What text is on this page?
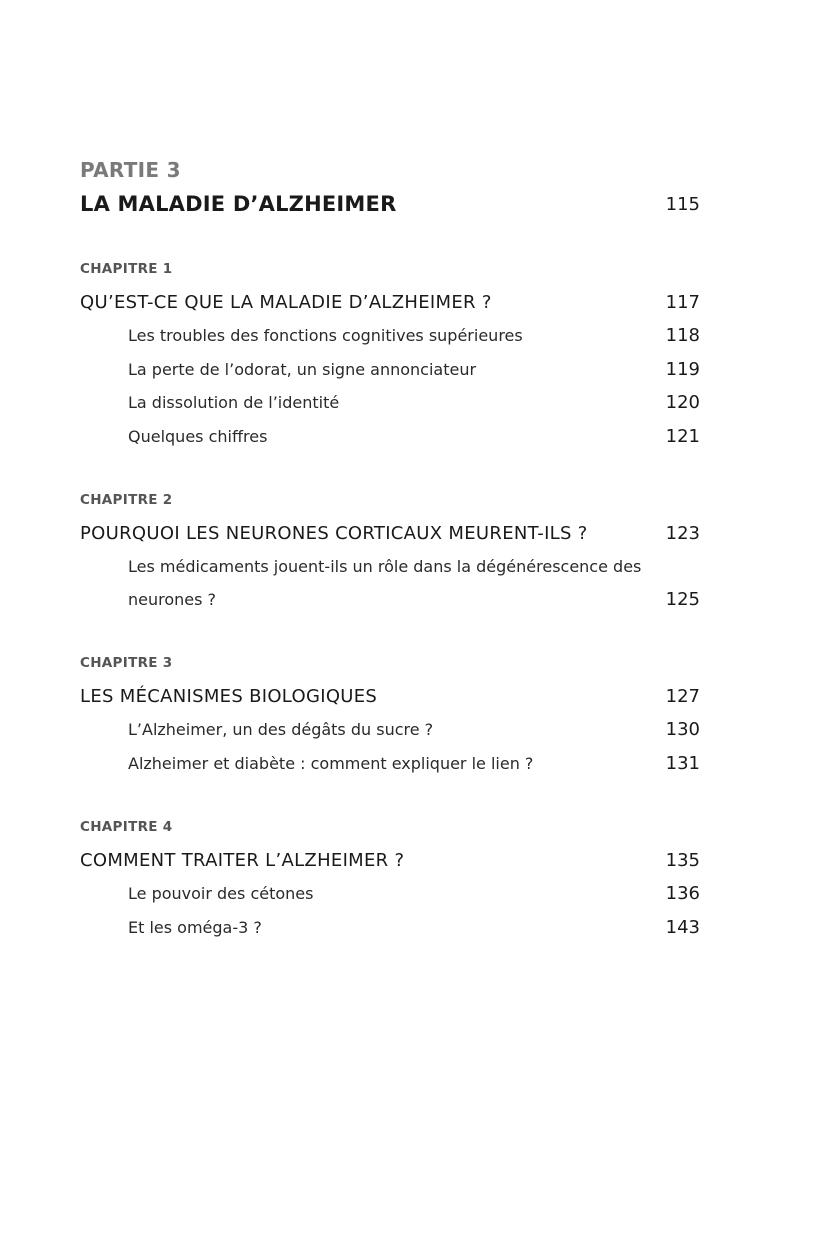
PARTIE 3
LA MALADIE D’ALZHEIMER	115
CHAPITRE 1
QU’EST-CE QUE LA MALADIE D’ALZHEIMER ?	117
Les troubles des fonctions cognitives supérieures	118
La perte de l’odorat, un signe annonciateur	119
La dissolution de l’identité	120
Quelques chiffres	121
CHAPITRE 2
POURQUOI LES NEURONES CORTICAUX MEURENT-ILS ?	123
Les médicaments jouent-ils un rôle dans la dégénérescence des
neurones ?	125
CHAPITRE 3
LES MÉCANISMES BIOLOGIQUES	127
L’Alzheimer, un des dégâts du sucre ?	130
Alzheimer et diabète : comment expliquer le lien ?	131
CHAPITRE 4
COMMENT TRAITER L’ALZHEIMER ?	135
Le pouvoir des cétones	136
Et les oméga-3 ?	143
